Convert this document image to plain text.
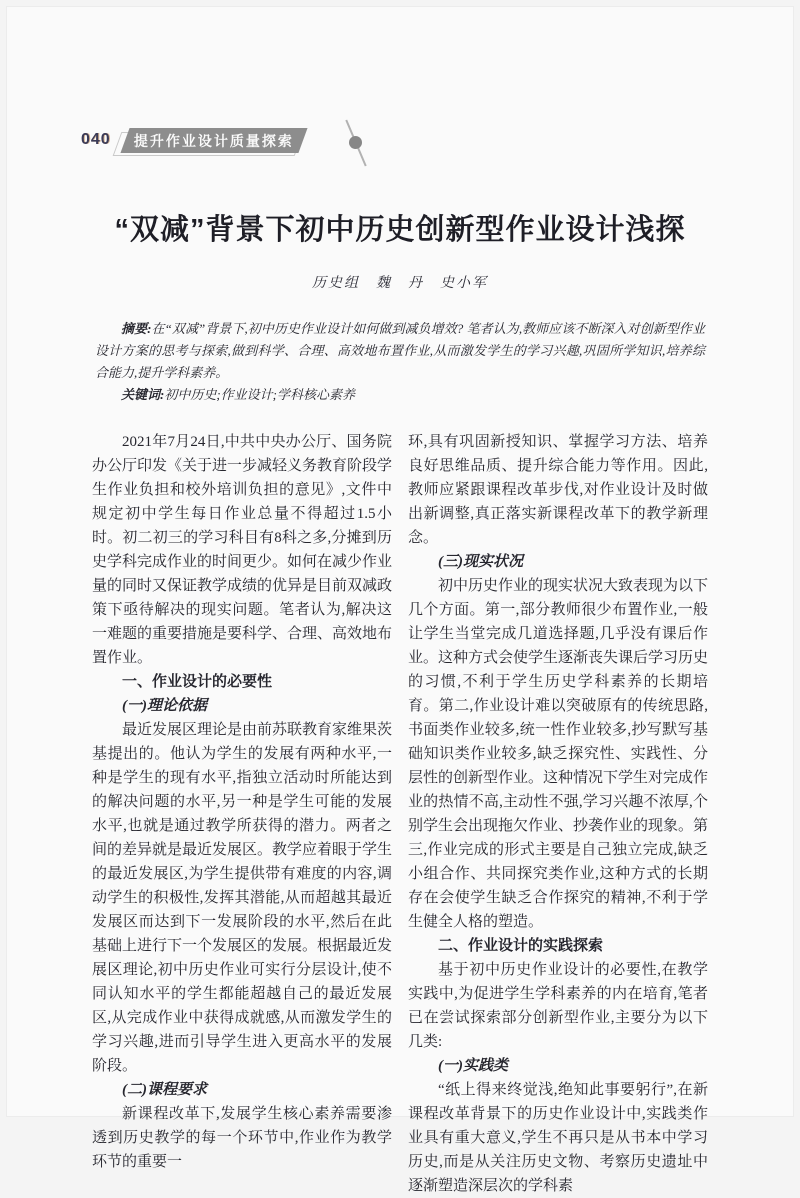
040 提升作业设计质量探索
“双减”背景下初中历史创新型作业设计浅探
历史组　魏　丹　史小军

摘要:在“双减”背景下,初中历史作业设计如何做到减负增效? 笔者认为,教师应该不断深入对创新型作业设计方案的思考与探索,做到科学、合理、高效地布置作业,从而激发学生的学习兴趣,巩固所学知识,培养综合能力,提升学科素养。

关键词:初中历史;作业设计;学科核心素养

2021年7月24日,中共中央办公厅、国务院办公厅印发《关于进一步减轻义务教育阶段学生作业负担和校外培训负担的意见》,文件中规定初中学生每日作业总量不得超过1.5小时。初二初三的学习科目有8科之多,分摊到历史学科完成作业的时间更少。如何在减少作业量的同时又保证教学成绩的优异是目前双减政策下亟待解决的现实问题。笔者认为,解决这一难题的重要措施是要科学、合理、高效地布置作业。
一、作业设计的必要性
(一)理论依据
最近发展区理论是由前苏联教育家维果茨基提出的。他认为学生的发展有两种水平,一种是学生的现有水平,指独立活动时所能达到的解决问题的水平,另一种是学生可能的发展水平,也就是通过教学所获得的潜力。两者之间的差异就是最近发展区。教学应着眼于学生的最近发展区,为学生提供带有难度的内容,调动学生的积极性,发挥其潜能,从而超越其最近发展区而达到下一发展阶段的水平,然后在此基础上进行下一个发展区的发展。根据最近发展区理论,初中历史作业可实行分层设计,使不同认知水平的学生都能超越自己的最近发展区,从完成作业中获得成就感,从而激发学生的学习兴趣,进而引导学生进入更高水平的发展阶段。
(二)课程要求
新课程改革下,发展学生核心素养需要渗透到历史教学的每一个环节中,作业作为教学环节的重要一
环,具有巩固新授知识、掌握学习方法、培养良好思维品质、提升综合能力等作用。因此,教师应紧跟课程改革步伐,对作业设计及时做出新调整,真正落实新课程改革下的教学新理念。
(三)现实状况
初中历史作业的现实状况大致表现为以下几个方面。第一,部分教师很少布置作业,一般让学生当堂完成几道选择题,几乎没有课后作业。这种方式会使学生逐渐丧失课后学习历史的习惯,不利于学生历史学科素养的长期培育。第二,作业设计难以突破原有的传统思路,书面类作业较多,统一性作业较多,抄写默写基础知识类作业较多,缺乏探究性、实践性、分层性的创新型作业。这种情况下学生对完成作业的热情不高,主动性不强,学习兴趣不浓厚,个别学生会出现拖欠作业、抄袭作业的现象。第三,作业完成的形式主要是自己独立完成,缺乏小组合作、共同探究类作业,这种方式的长期存在会使学生缺乏合作探究的精神,不利于学生健全人格的塑造。
二、作业设计的实践探索
基于初中历史作业设计的必要性,在教学实践中,为促进学生学科素养的内在培育,笔者已在尝试探索部分创新型作业,主要分为以下几类:
(一)实践类
“纸上得来终觉浅,绝知此事要躬行”,在新课程改革背景下的历史作业设计中,实践类作业具有重大意义,学生不再只是从书本中学习历史,而是从关注历史文物、考察历史遗址中逐渐塑造深层次的学科素
